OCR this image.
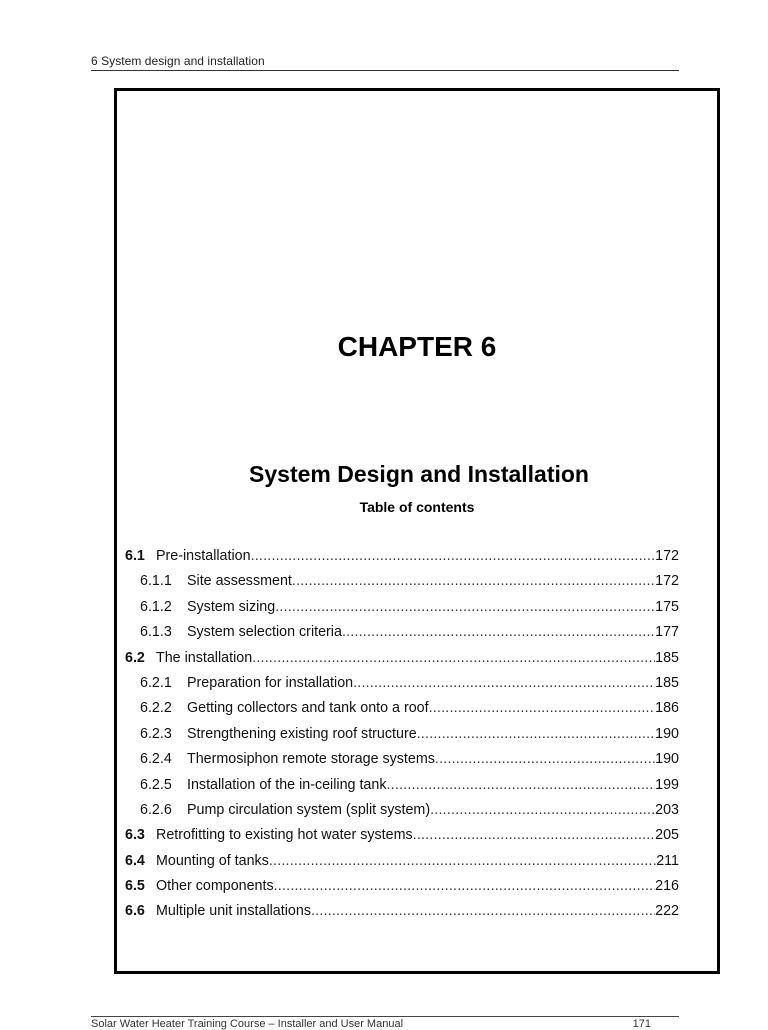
6 System design and installation
CHAPTER 6
System Design and Installation
Table of contents
6.1 Pre-installation .....	172
6.1.1	Site assessment .....	172
6.1.2	System sizing .....	175
6.1.3	System selection criteria .....	177
6.2 The installation .....	185
6.2.1	Preparation for installation .....	185
6.2.2	Getting collectors and tank onto a roof .....	186
6.2.3	Strengthening existing roof structure .....	190
6.2.4	Thermosiphon remote storage systems .....	190
6.2.5	Installation of the in-ceiling tank .....	199
6.2.6	Pump circulation system (split system) .....	203
6.3 Retrofitting to existing hot water systems .....	205
6.4 Mounting of tanks .....	211
6.5 Other components .....	216
6.6 Multiple unit installations .....	222
Solar Water Heater Training Course – Installer and User Manual	171
